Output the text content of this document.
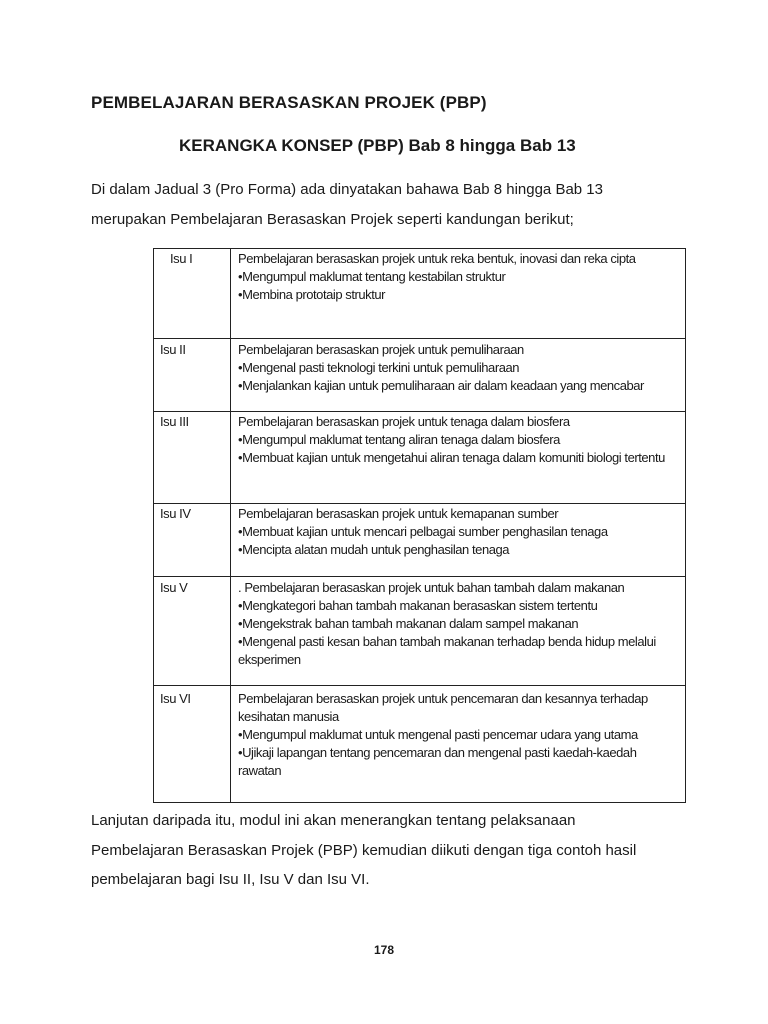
PEMBELAJARAN BERASASKAN PROJEK (PBP)
KERANGKA KONSEP (PBP) Bab 8 hingga Bab 13

Di dalam Jadual 3 (Pro Forma) ada dinyatakan bahawa Bab 8 hingga Bab 13

merupakan Pembelajaran Berasaskan Projek seperti kandungan berikut;

Isu I	Pembelajaran berasaskan projek untuk reka bentuk, inovasi dan reka cipta
•Mengumpul maklumat tentang kestabilan struktur
•Membina prototaip struktur

Isu II	Pembelajaran berasaskan projek untuk pemuliharaan
•Mengenal pasti teknologi terkini untuk pemuliharaan
•Menjalankan kajian untuk pemuliharaan air dalam keadaan yang mencabar

Isu III	Pembelajaran berasaskan projek untuk tenaga dalam biosfera
•Mengumpul maklumat tentang aliran tenaga dalam biosfera
•Membuat kajian untuk mengetahui aliran tenaga dalam komuniti biologi tertentu

Isu IV	Pembelajaran berasaskan projek untuk kemapanan sumber
•Membuat kajian untuk mencari pelbagai sumber penghasilan tenaga
•Mencipta alatan mudah untuk penghasilan tenaga

Isu V	. Pembelajaran berasaskan projek untuk bahan tambah dalam makanan
•Mengkategori bahan tambah makanan berasaskan sistem tertentu
•Mengekstrak bahan tambah makanan dalam sampel makanan
•Mengenal pasti kesan bahan tambah makanan terhadap benda hidup melalui eksperimen

Isu VI	Pembelajaran berasaskan projek untuk pencemaran dan kesannya terhadap kesihatan manusia
•Mengumpul maklumat untuk mengenal pasti pencemar udara yang utama
•Ujikaji lapangan tentang pencemaran dan mengenal pasti kaedah-kaedah rawatan

Lanjutan daripada itu, modul ini akan menerangkan tentang pelaksanaan

Pembelajaran Berasaskan Projek (PBP) kemudian diikuti dengan tiga contoh hasil

pembelajaran bagi Isu II, Isu V dan Isu VI.

178
